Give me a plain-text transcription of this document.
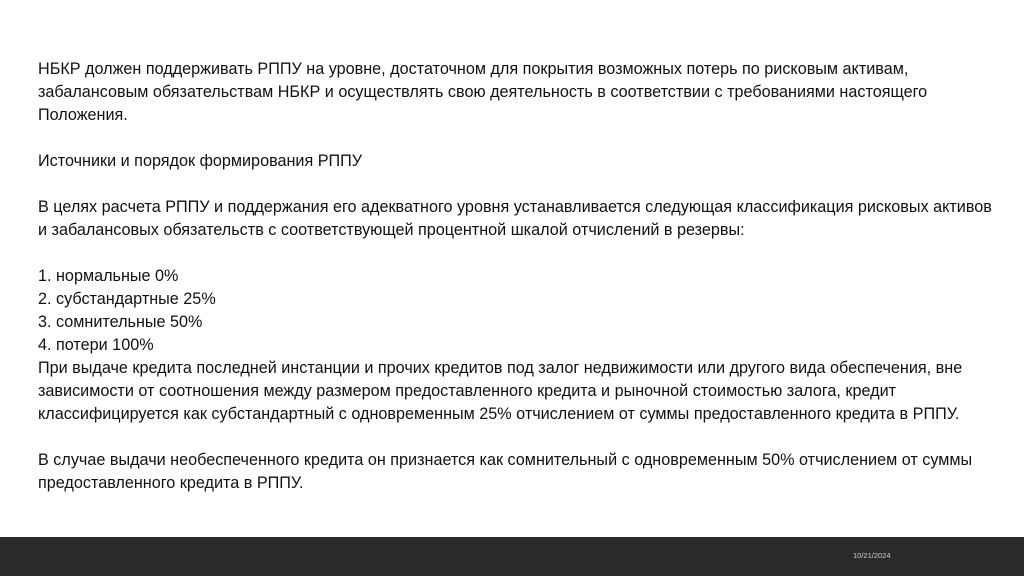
НБКР должен поддерживать РППУ на уровне, достаточном для покрытия возможных потерь по рисковым активам, забалансовым обязательствам НБКР и осуществлять свою деятельность в соответствии с требованиями настоящего Положения.

Источники и порядок формирования РППУ

В целях расчета РППУ и поддержания его адекватного уровня устанавливается следующая классификация рисковых активов и забалансовых обязательств с соответствующей процентной шкалой отчислений в резервы:

1. нормальные 0%
2. субстандартные 25%
3. сомнительные 50%
4. потери 100%

При выдаче кредита последней инстанции и прочих кредитов под залог недвижимости или другого вида обеспечения, вне зависимости от соотношения между размером предоставленного кредита и рыночной стоимостью залога, кредит классифицируется как субстандартный с одновременным 25% отчислением от суммы предоставленного кредита в РППУ.

В случае выдачи необеспеченного кредита он признается как сомнительный с одновременным 50% отчислением от суммы предоставленного кредита в РППУ.

10/21/2024
